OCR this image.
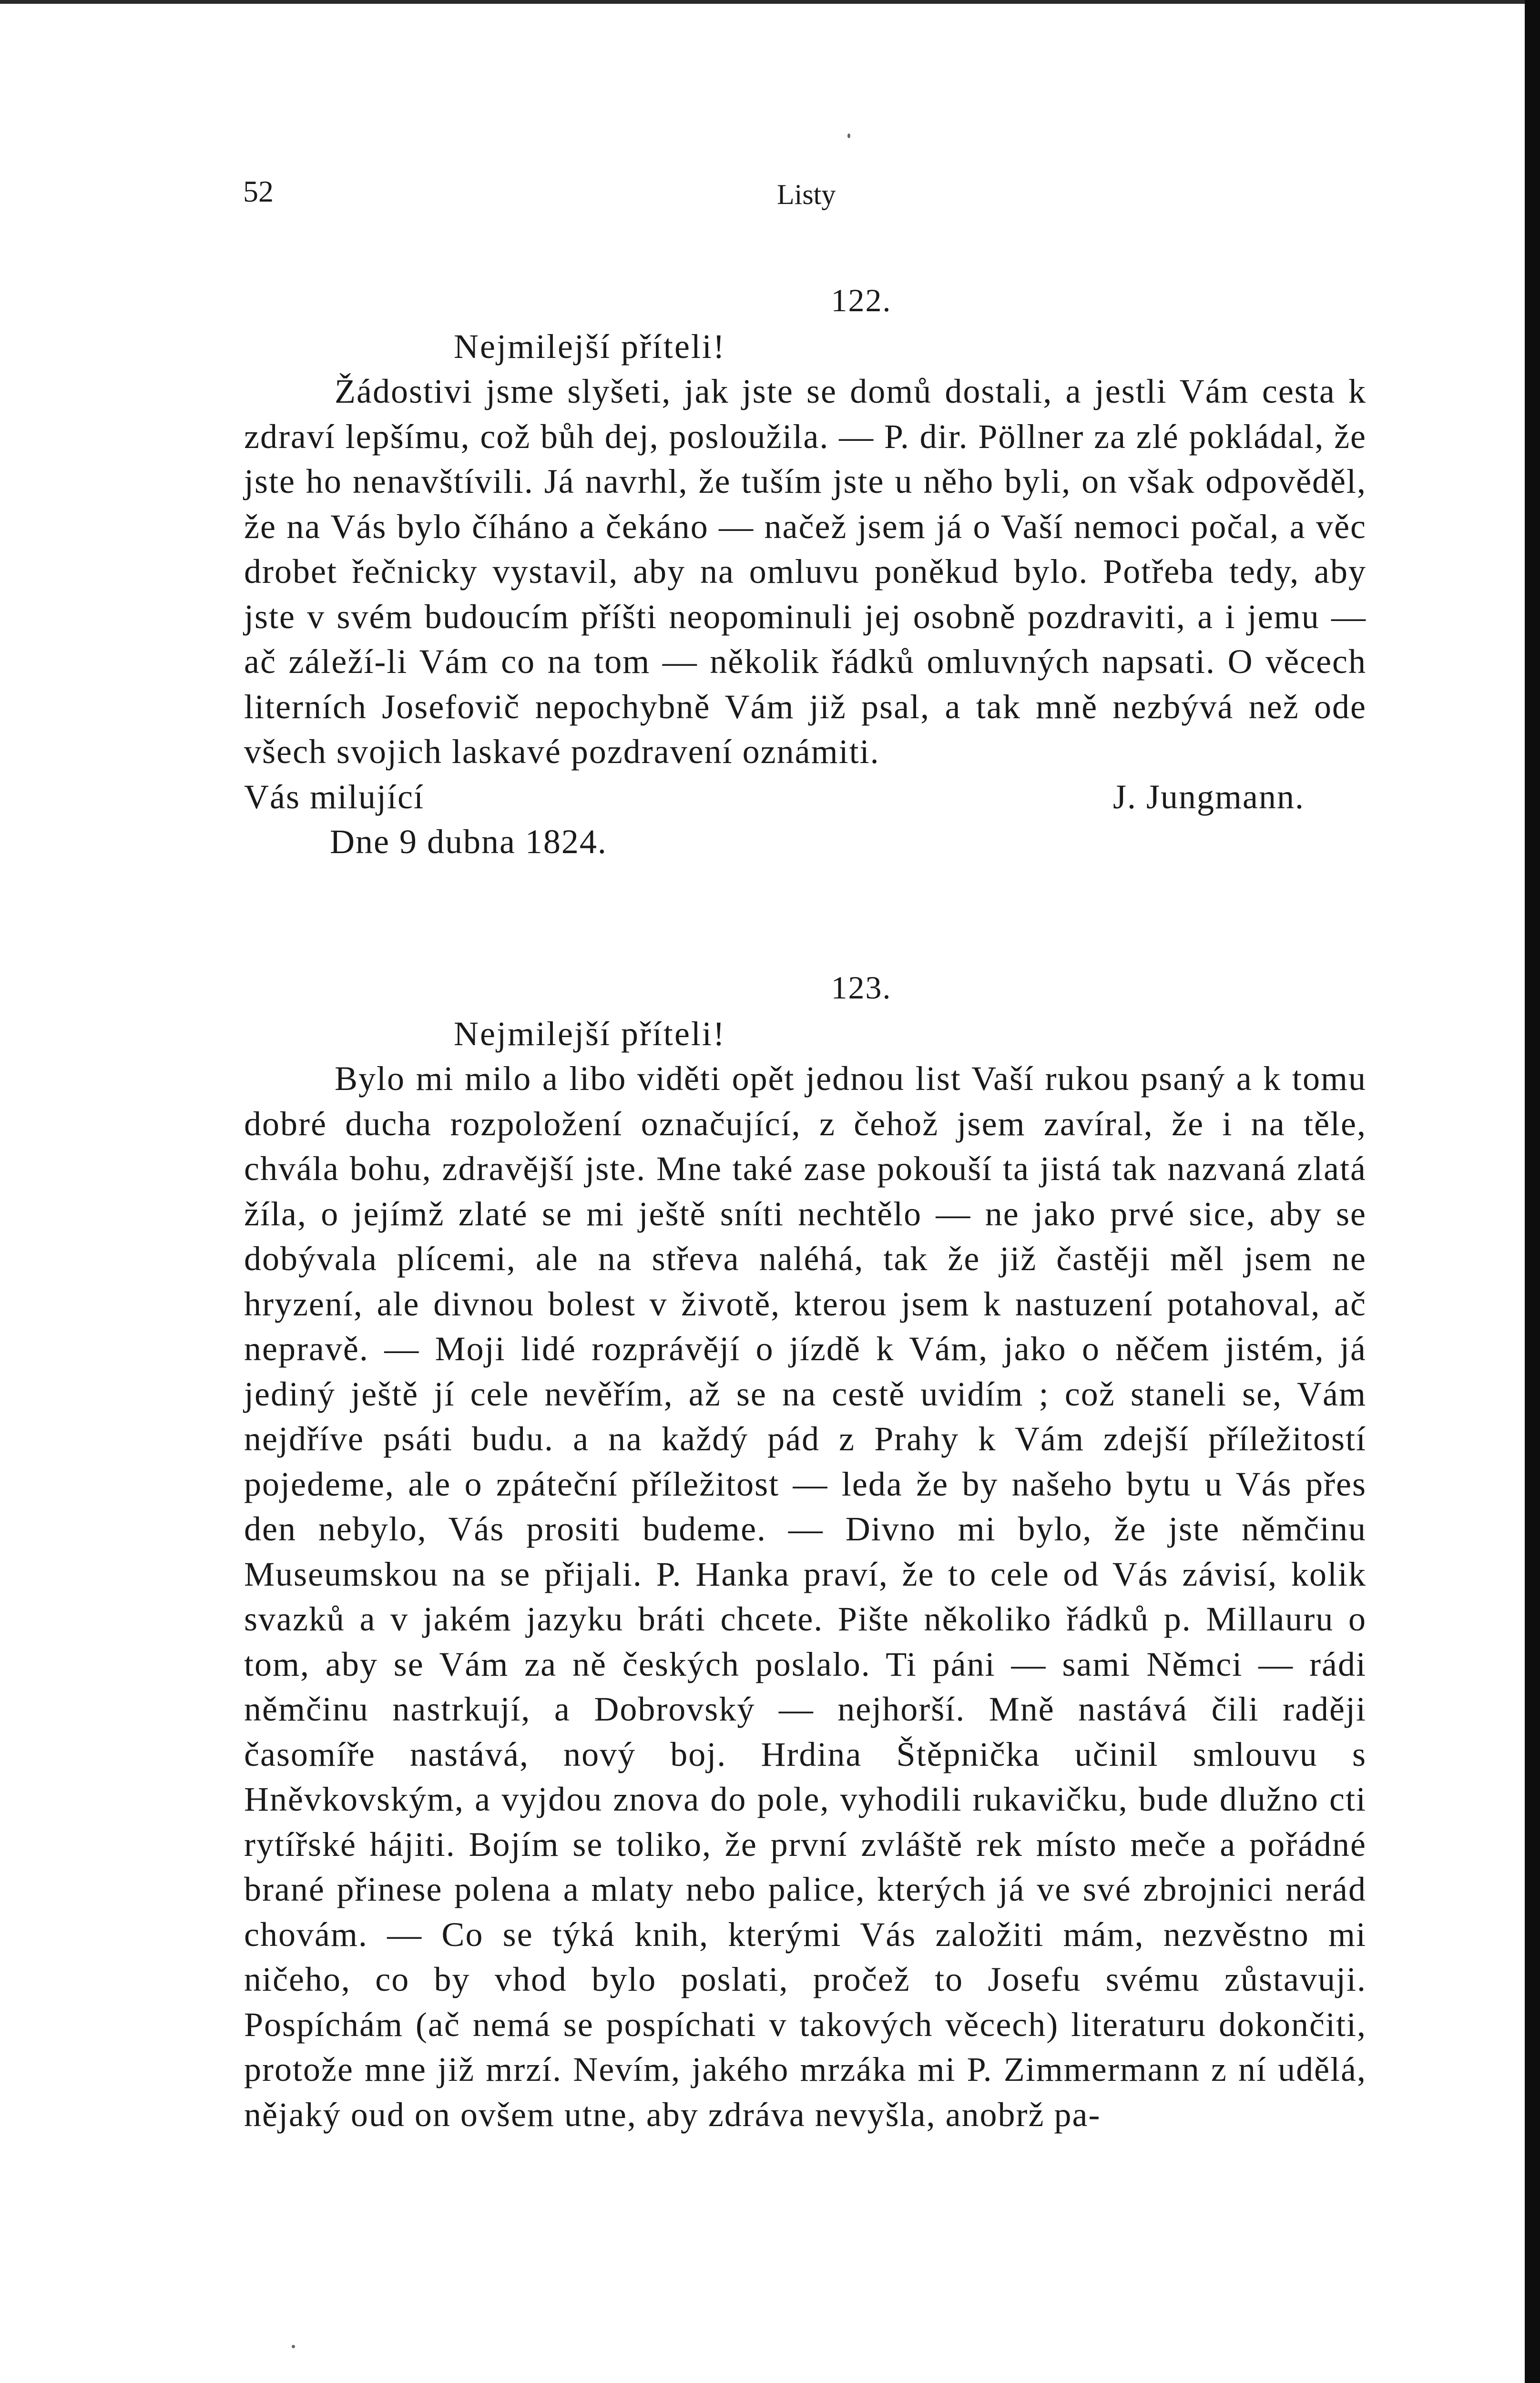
52	Listy
122.
Nejmilejší příteli!

Žádostivi jsme slyšeti, jak jste se domů dostali, a jestli Vám cesta k zdraví lepšímu, což bůh dej, posloužila. — P. dir. Pöllner za zlé pokládal, že jste ho nenavštívili. Já navrhl, že tuším jste u něho byli, on však odpověděl, že na Vás bylo číháno a čekáno — načež jsem já o Vaší nemoci počal, a věc drobet řečnicky vystavil, aby na omluvu poněkud bylo. Potřeba tedy, aby jste v svém budoucím příšti neopominuli jej osobně pozdraviti, a i jemu — ač záleží-li Vám co na tom — několik řádků omluvných napsati. O věcech literních Josefovič nepochybně Vám již psal, a tak mně nezbývá než ode všech svojich laskavé pozdravení oznámiti.

Vás milující	J. Jungmann.
Dne 9 dubna 1824.
123.
Nejmilejší příteli!

Bylo mi milo a libo viděti opět jednou list Vaší rukou psaný a k tomu dobré ducha rozpoložení označující, z čehož jsem zavíral, že i na těle, chvála bohu, zdravější jste. Mne také zase pokouší ta jistá tak nazvaná zlatá žíla, o jejímž zlaté se mi ještě sníti nechtělo — ne jako prvé sice, aby se dobývala plícemi, ale na střeva naléhá, tak že již častěji měl jsem ne hryzení, ale divnou bolest v životě, kterou jsem k nastuzení potahoval, ač nepravě. — Moji lidé rozprávějí o jízdě k Vám, jako o něčem jistém, já jediný ještě jí cele nevěřím, až se na cestě uvidím ; což staneli se, Vám nejdříve psáti budu. a na každý pád z Prahy k Vám zdejší příležitostí pojedeme, ale o zpáteční příležitost — leda že by našeho bytu u Vás přes den nebylo, Vás prositi budeme. — Divno mi bylo, že jste němčinu Museumskou na se přijali. P. Hanka praví, že to cele od Vás závisí, kolik svazků a v jakém jazyku bráti chcete. Pište několiko řádků p. Millauru o tom, aby se Vám za ně českých poslalo. Ti páni — sami Němci — rádi němčinu nastrkují, a Dobrovský — nejhorší. Mně nastává čili raději časomíře nastává, nový boj. Hrdina Štěpnička učinil smlouvu s Hněvkovským, a vyjdou znova do pole, vyhodili rukavičku, bude dlužno cti rytířské hájiti. Bojím se toliko, že první zvláště rek místo meče a pořádné brané přinese polena a mlaty nebo palice, kterých já ve své zbrojnici nerád chovám. — Co se týká knih, kterými Vás založiti mám, nezvěstno mi ničeho, co by vhod bylo poslati, pročež to Josefu svému zůstavuji. Pospíchám (ač nemá se pospíchati v takových věcech) literaturu dokončiti, protože mne již mrzí. Nevím, jakého mrzáka mi P. Zimmermann z ní udělá, nějaký oud on ovšem utne, aby zdráva nevyšla, anobrž pa-
